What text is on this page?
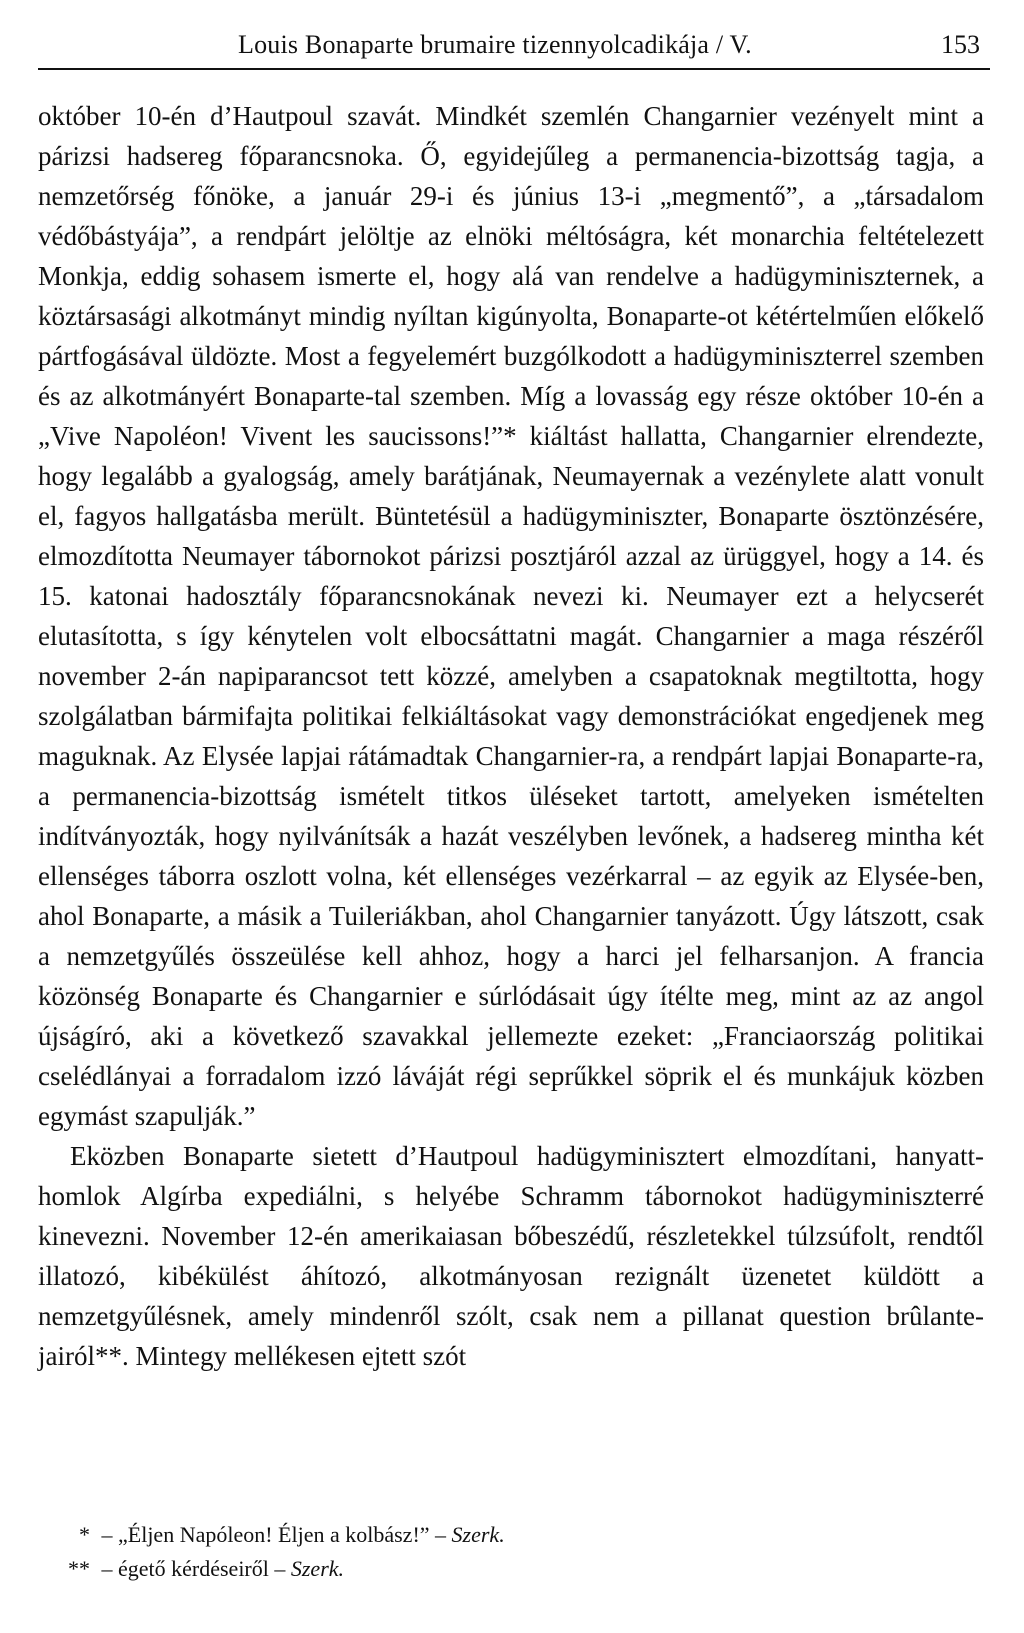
Louis Bonaparte brumaire tizennyolcadikája / V.	153

október 10-én d’Hautpoul szavát. Mindkét szemlén Changarnier vezényelt mint a párizsi hadsereg főparancsnoka. Ő, egyidejűleg a permanencia-bizottság tagja, a nemzetőrség főnöke, a január 29-i és június 13-i „megmentő”, a „társadalom védőbástyája”, a rendpárt jelöltje az elnöki méltóságra, két monarchia feltételezett Monkja, eddig sohasem ismerte el, hogy alá van rendelve a hadügyminiszternek, a köztársasági alkotmányt mindig nyíltan kigúnyolta, Bonaparte-ot kétértelműen előkelő pártfogásával üldözte. Most a fegyelemért buzgólkodott a hadügyminiszterrel szemben és az alkotmányért Bonaparte-tal szemben. Míg a lovasság egy része október 10-én a „Vive Napoléon! Vivent les saucissons!”* kiáltást hallatta, Changarnier elrendezte, hogy legalább a gyalogság, amely barátjának, Neumayernak a vezénylete alatt vonult el, fagyos hallgatásba merült. Büntetésül a hadügyminiszter, Bonaparte ösztönzésére, elmozdította Neumayer tábornokot párizsi posztjáról azzal az ürüggyel, hogy a 14. és 15. katonai hadosztály főparancsnokának nevezi ki. Neumayer ezt a helycserét elutasította, s így kénytelen volt elbocsáttatni magát. Changarnier a maga részéről november 2-án napiparancsot tett közzé, amelyben a csapatoknak megtiltotta, hogy szolgálatban bármifajta politikai felkiáltásokat vagy demonstrációkat engedjenek meg maguknak. Az Elysée lapjai rátámadtak Changarnier-ra, a rendpárt lapjai Bonaparte-ra, a permanencia-bizottság ismételt titkos üléseket tartott, amelyeken ismételten indítványozták, hogy nyilvánítsák a hazát veszélyben levőnek, a hadsereg mintha két ellenséges táborra oszlott volna, két ellenséges vezérkarral – az egyik az Elysée-ben, ahol Bonaparte, a másik a Tuileriákban, ahol Changarnier tanyázott. Úgy látszott, csak a nemzetgyűlés összeülése kell ahhoz, hogy a harci jel felharsanjon. A francia közönség Bonaparte és Changarnier e súrlódásait úgy ítélte meg, mint az az angol újságíró, aki a következő szavakkal jellemezte ezeket: „Franciaország politikai cselédlányai a forradalom izzó láváját régi seprűkkel söprik el és munkájuk közben egymást szapulják.”

Eközben Bonaparte sietett d’Hautpoul hadügyminisztert elmozdítani, hanyatt-homlok Algírba expediálni, s helyébe Schramm tábornokot hadügyminiszterré kinevezni. November 12-én amerikaiasan bőbeszédű, részletekkel túlzsúfolt, rendtől illatozó, kibékülést áhítozó, alkotmányosan rezignált üzenetet küldött a nemzetgyűlésnek, amely mindenről szólt, csak nem a pillanat question brûlante-jairól**. Mintegy mellékesen ejtett szót

* – „Éljen Napóleon! Éljen a kolbász!” – Szerk.
** – égető kérdéseiről – Szerk.
